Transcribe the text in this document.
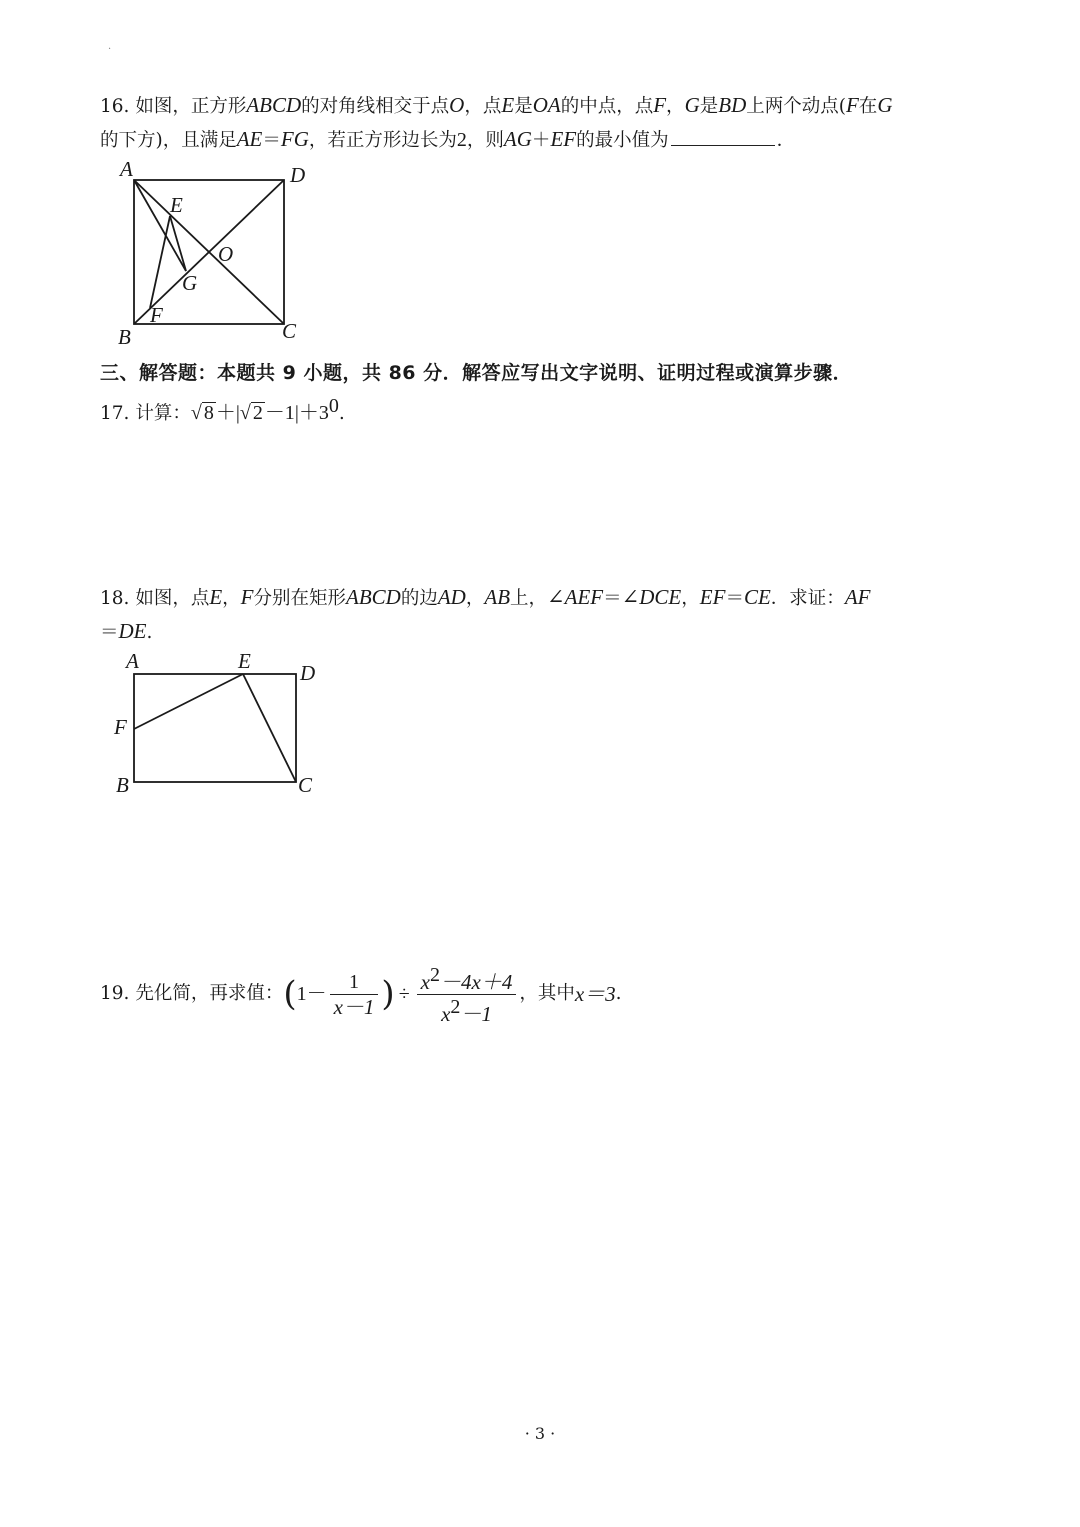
·
16. 如图，正方形ABCD的对角线相交于点O，点E是OA的中点，点F，G是BD上两个动点(F在G
的下方)，且满足AE＝FG，若正方形边长为2，则AG＋EF的最小值为	．
A	D
E
O
G
F
B	C
三、解答题：本题共 9 小题，共 86 分．解答应写出文字说明、证明过程或演算步骤．
17. 计算：√ 8 ＋|√ $2 -1|+3^0$.
18. 如图，点E，F分别在矩形ABCD的边AD，AB上，∠AEF＝∠DCE，EF＝CE．求证：AF
＝DE.
A	E D
F
B	C
19.
先化简，再求值： ( $1- \frac{1}{x-1}$ ) ÷ $\frac{x^2-4x+4}{x^2-1}$ ，其中 x＝3 .
· 3 ·
